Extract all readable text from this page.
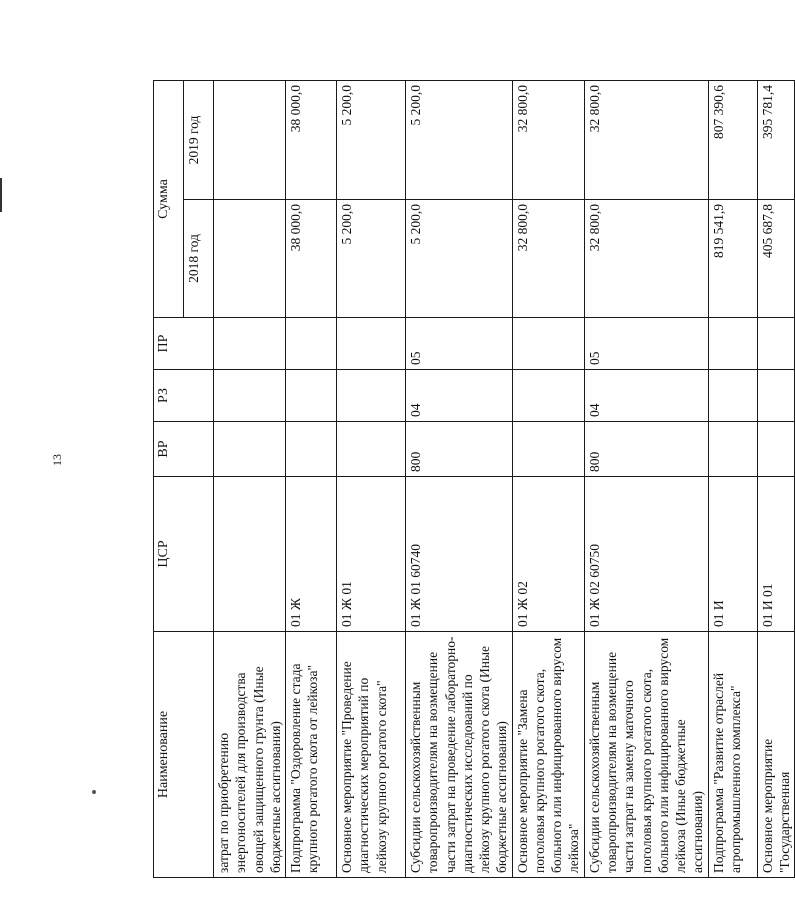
13
Наименование	ЦСР	ВР	РЗ	ПР	Сумма	
					2018 год	2019 год
затрат по приобретению энергоносителей для производства овощей защищенного грунта (Иные бюджетные ассигнования)						
Подпрограмма "Оздоровление стада крупного рогатого скота от лейкоза"	01 Ж				38 000,0	38 000,0
Основное мероприятие "Проведение диагностических мероприятий по лейкозу крупного рогатого скота"	01 Ж 01				5 200,0	5 200,0
Субсидии сельскохозяйственным товаропроизводителям на возмещение части затрат на проведение лабораторно-диагностических исследований по лейкозу крупного рогатого скота (Иные бюджетные ассигнования)	01 Ж 01 60740	800	04	05	5 200,0	5 200,0
Основное мероприятие "Замена поголовья крупного рогатого скота, больного или инфицированного вирусом лейкоза"	01 Ж 02				32 800,0	32 800,0
Субсидии сельскохозяйственным товаропроизводителям на возмещение части затрат на замену маточного поголовья крупного рогатого скота, больного или инфицированного вирусом лейкоза (Иные бюджетные ассигнования)	01 Ж 02 60750	800	04	05	32 800,0	32 800,0
Подпрограмма "Развитие отраслей агропромышленного комплекса"	01 И				819 541,9	807 390,6
Основное мероприятие "Государственная	01 И 01				405 687,8	395 781,4
